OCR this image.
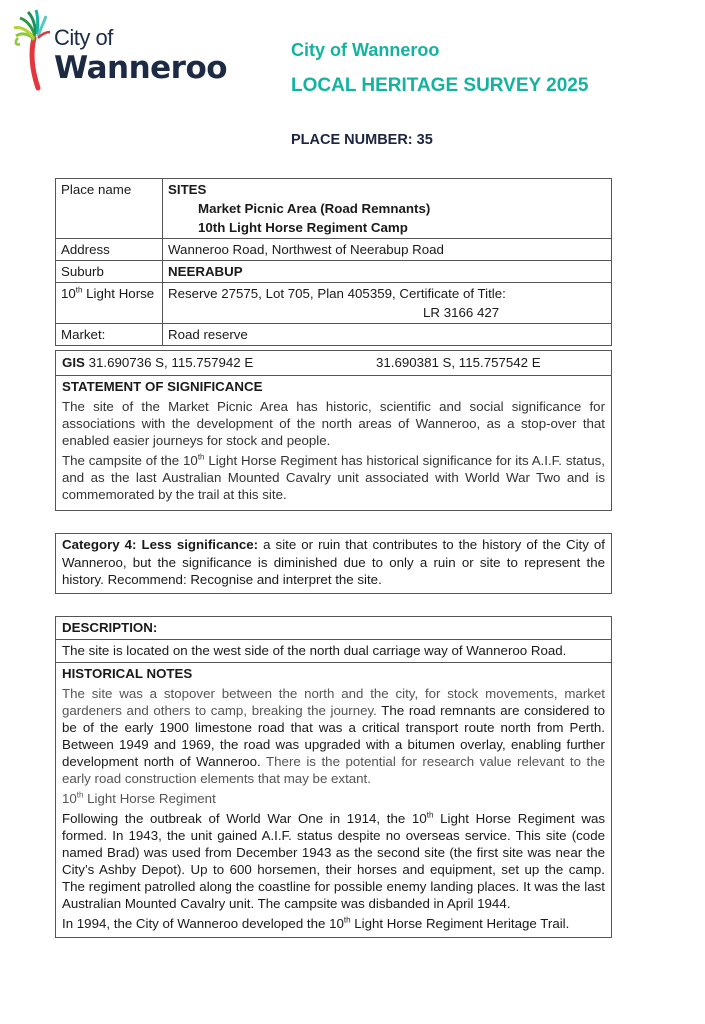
City of
Wanneroo	City of Wanneroo
LOCAL HERITAGE SURVEY 2025
PLACE NUMBER: 35
Place name	SITES
Market Picnic Area (Road Remnants)
10th Light Horse Regiment Camp

Address	Wanneroo Road, Northwest of Neerabup Road
Suburb	NEERABUP
10th Light Horse	Reserve 27575, Lot 705, Plan 405359, Certificate of Title:
LR 3166 427

Market:	Road reserve
GIS 31.690736 S, 115.757942 E	31.690381 S, 115.757542 E
STATEMENT OF SIGNIFICANCE

The site of the Market Picnic Area has historic, scientific and social significance for associations with the development of the north areas of Wanneroo, as a stop-over that enabled easier journeys for stock and people.

The campsite of the 10th Light Horse Regiment has historical significance for its A.I.F. status, and as the last Australian Mounted Cavalry unit associated with World War Two and is commemorated by the trail at this site.

Category 4: Less significance: a site or ruin that contributes to the history of the City of Wanneroo, but the significance is diminished due to only a ruin or site to represent the history. Recommend: Recognise and interpret the site.
DESCRIPTION:
The site is located on the west side of the north dual carriage way of Wanneroo Road.
HISTORICAL NOTES

The site was a stopover between the north and the city, for stock movements, market gardeners and others to camp, breaking the journey. The road remnants are considered to be of the early 1900 limestone road that was a critical transport route north from Perth. Between 1949 and 1969, the road was upgraded with a bitumen overlay, enabling further development north of Wanneroo. There is the potential for research value relevant to the early road construction elements that may be extant.

10th Light Horse Regiment

Following the outbreak of World War One in 1914, the 10th Light Horse Regiment was formed. In 1943, the unit gained A.I.F. status despite no overseas service. This site (code named Brad) was used from December 1943 as the second site (the first site was near the City’s Ashby Depot). Up to 600 horsemen, their horses and equipment, set up the camp. The regiment patrolled along the coastline for possible enemy landing places. It was the last Australian Mounted Cavalry unit. The campsite was disbanded in April 1944.

In 1994, the City of Wanneroo developed the 10th Light Horse Regiment Heritage Trail.
